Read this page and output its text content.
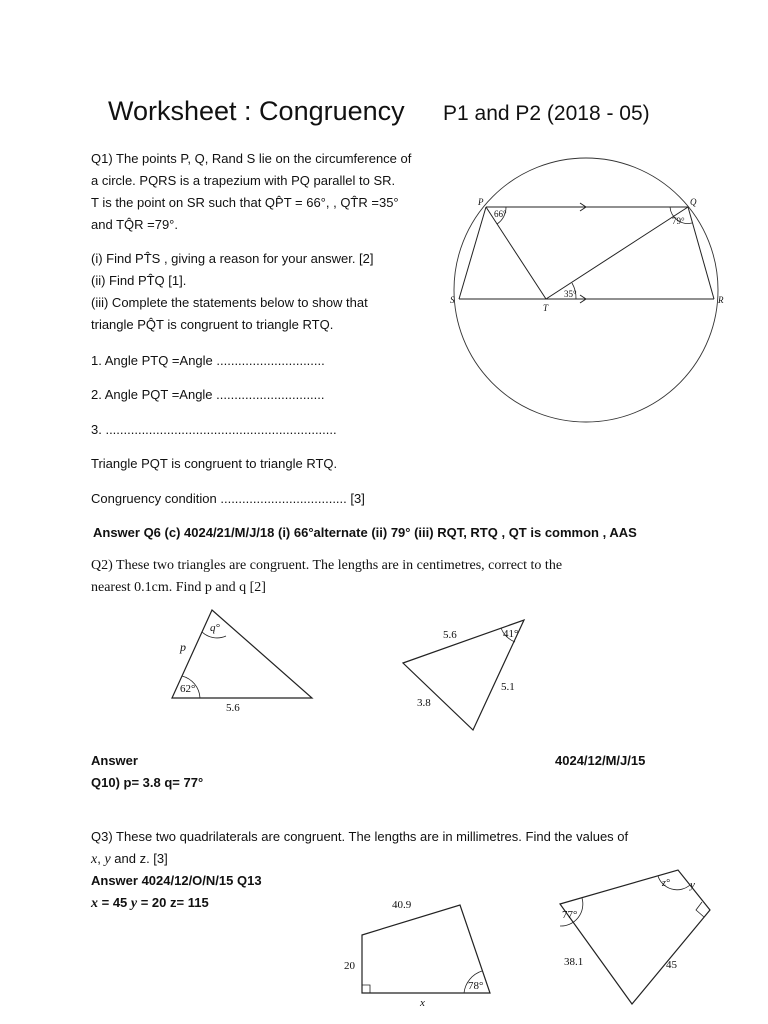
Worksheet : Congruency P1 and P2 (2018 - 05)
Q1) The points P, Q, Rand S lie on the circumference of
a circle. PQRS is a trapezium with PQ parallel to SR.
T is the point on SR such that QP̂T = 66°, , QT̂R =35°
and TQ̂R =79°.
(i) Find PT̂S , giving a reason for your answer. [2]
(ii) Find PT̂Q [1].
(iii) Complete the statements below to show that
triangle PQ̂T is congruent to triangle RTQ.
1. Angle PTQ =Angle ..............................
2. Angle PQT =Angle ..............................
3. ................................................................
Triangle PQT is congruent to triangle RTQ.
Congruency condition ................................... [3]
Answer Q6 (c) 4024/21/M/J/18 (i) 66°alternate (ii) 79° (iii) RQT, RTQ , QT is common , AAS
P	Q
R
S
T
66°
79°
35°
Q2) These two triangles are congruent. The lengths are in centimetres, correct to the
nearest 0.1cm. Find p and q [2]
q°
p
62°
5.6
5.6	41°
5.1
3.8
Answer	4024/12/M/J/15
Q10) p= 3.8 q= 77°
Q3) These two quadrilaterals are congruent. The lengths are in millimetres. Find the values of
x, y and z. [3]
Answer 4024/12/O/N/15 Q13
x = 45 y = 20 z= 115	40.9
20
78°
x
z° y
77°
38.1	45
